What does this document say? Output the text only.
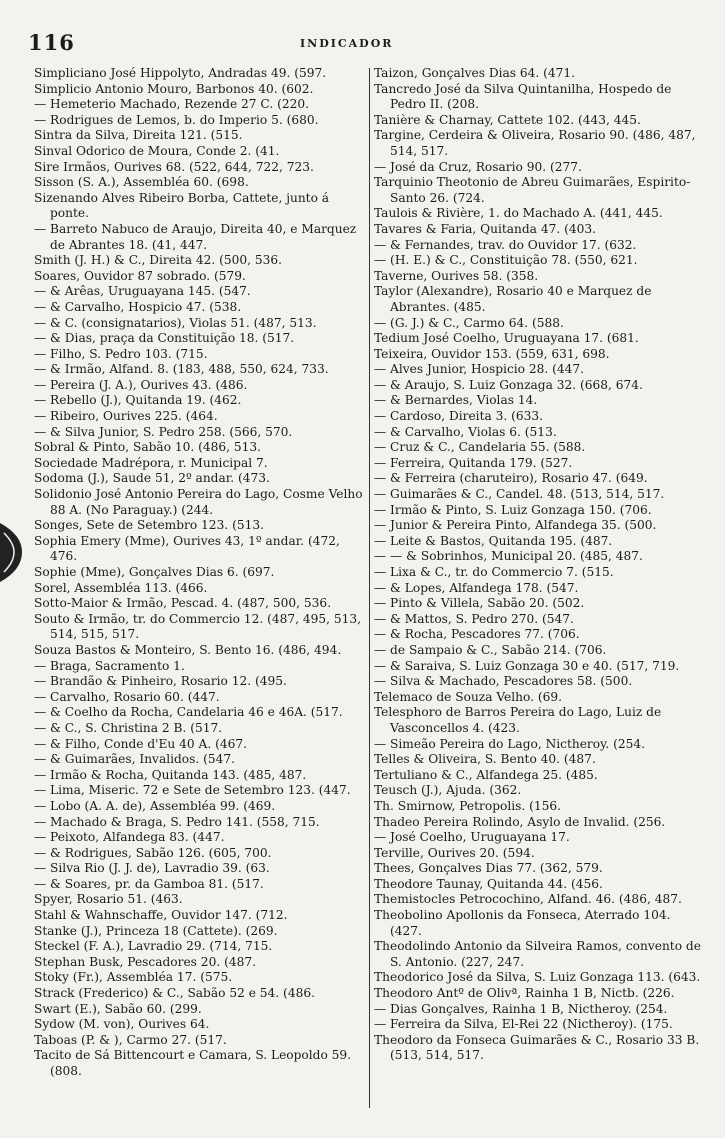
116	INDICADOR
Simpliciano José Hippolyto, Andradas 49. (597.
Simplicio Antonio Mouro, Barbonos 40. (602.
— Hemeterio Machado, Rezende 27 C. (220.
— Rodrigues de Lemos, b. do Imperio 5. (680.
Sintra da Silva, Direita 121. (515.
Sinval Odorico de Moura, Conde 2. (41.
Sire Irmãos, Ourives 68. (522, 644, 722, 723.
Sisson (S. A.), Assembléa 60. (698.
Sizenando Alves Ribeiro Borba, Cattete, junto á ponte.
— Barreto Nabuco de Araujo, Direita 40, e Marquez de Abrantes 18. (41, 447.
Smith (J. H.) & C., Direita 42. (500, 536.
Soares, Ouvidor 87 sobrado. (579.
— & Arêas, Uruguayana 145. (547.
— & Carvalho, Hospicio 47. (538.
— & C. (consignatarios), Violas 51. (487, 513.
— & Dias, praça da Constituição 18. (517.
— Filho, S. Pedro 103. (715.
— & Irmão, Alfand. 8. (183, 488, 550, 624, 733.
— Pereira (J. A.), Ourives 43. (486.
— Rebello (J.), Quitanda 19. (462.
— Ribeiro, Ourives 225. (464.
— & Silva Junior, S. Pedro 258. (566, 570.
Sobral & Pinto, Sabão 10. (486, 513.
Sociedade Madrépora, r. Municipal 7.
Sodoma (J.), Saude 51, 2º andar. (473.
Solidonio José Antonio Pereira do Lago, Cosme Velho 88 A. (No Paraguay.) (244.
Songes, Sete de Setembro 123. (513.
Sophia Emery (Mme), Ourives 43, 1º andar. (472, 476.
Sophie (Mme), Gonçalves Dias 6. (697.
Sorel, Assembléa 113. (466.
Sotto-Maior & Irmão, Pescad. 4. (487, 500, 536.
Souto & Irmão, tr. do Commercio 12. (487, 495, 513, 514, 515, 517.
Souza Bastos & Monteiro, S. Bento 16. (486, 494.
— Braga, Sacramento 1.
— Brandão & Pinheiro, Rosario 12. (495.
— Carvalho, Rosario 60. (447.
— & Coelho da Rocha, Candelaria 46 e 46A. (517.
— & C., S. Christina 2 B. (517.
— & Filho, Conde d'Eu 40 A. (467.
— & Guimarães, Invalidos. (547.
— Irmão & Rocha, Quitanda 143. (485, 487.
— Lima, Miseric. 72 e Sete de Setembro 123. (447.
— Lobo (A. A. de), Assembléa 99. (469.
— Machado & Braga, S. Pedro 141. (558, 715.
— Peixoto, Alfandega 83. (447.
— & Rodrigues, Sabão 126. (605, 700.
— Silva Rio (J. J. de), Lavradio 39. (63.
— & Soares, pr. da Gamboa 81. (517.
Spyer, Rosario 51. (463.
Stahl & Wahnschaffe, Ouvidor 147. (712.
Stanke (J.), Princeza 18 (Cattete). (269.
Steckel (F. A.), Lavradio 29. (714, 715.
Stephan Busk, Pescadores 20. (487.
Stoky (Fr.), Assembléa 17. (575.
Strack (Frederico) & C., Sabão 52 e 54. (486.
Swart (E.), Sabão 60. (299.
Sydow (M. von), Ourives 64.
Taboas (P. & ), Carmo 27. (517.
Tacito de Sá Bittencourt e Camara, S. Leopoldo 59. (808.
Taizon, Gonçalves Dias 64. (471.
Tancredo José da Silva Quintanilha, Hospedo de Pedro II. (208.
Tanière & Charnay, Cattete 102. (443, 445.
Targine, Cerdeira & Oliveira, Rosario 90. (486, 487, 514, 517.
— José da Cruz, Rosario 90. (277.
Tarquinio Theotonio de Abreu Guimarães, Espirito-Santo 26. (724.
Taulois & Rivière, 1. do Machado A. (441, 445.
Tavares & Faria, Quitanda 47. (403.
— & Fernandes, trav. do Ouvidor 17. (632.
— (H. E.) & C., Constituição 78. (550, 621.
Taverne, Ourives 58. (358.
Taylor (Alexandre), Rosario 40 e Marquez de Abrantes. (485.
— (G. J.) & C., Carmo 64. (588.
Tedium José Coelho, Uruguayana 17. (681.
Teixeira, Ouvidor 153. (559, 631, 698.
— Alves Junior, Hospicio 28. (447.
— & Araujo, S. Luiz Gonzaga 32. (668, 674.
— & Bernardes, Violas 14.
— Cardoso, Direita 3. (633.
— & Carvalho, Violas 6. (513.
— Cruz & C., Candelaria 55. (588.
— Ferreira, Quitanda 179. (527.
— & Ferreira (charuteiro), Rosario 47. (649.
— Guimarães & C., Candel. 48. (513, 514, 517.
— Irmão & Pinto, S. Luiz Gonzaga 150. (706.
— Junior & Pereira Pinto, Alfandega 35. (500.
— Leite & Bastos, Quitanda 195. (487.
— — & Sobrinhos, Municipal 20. (485, 487.
— Lixa & C., tr. do Commercio 7. (515.
— & Lopes, Alfandega 178. (547.
— Pinto & Villela, Sabão 20. (502.
— & Mattos, S. Pedro 270. (547.
— & Rocha, Pescadores 77. (706.
— de Sampaio & C., Sabão 214. (706.
— & Saraiva, S. Luiz Gonzaga 30 e 40. (517, 719.
— Silva & Machado, Pescadores 58. (500.
Telemaco de Souza Velho. (69.
Telesphoro de Barros Pereira do Lago, Luiz de Vasconcellos 4. (423.
— Simeão Pereira do Lago, Nictheroy. (254.
Telles & Oliveira, S. Bento 40. (487.
Tertuliano & C., Alfandega 25. (485.
Teusch (J.), Ajuda. (362.
Th. Smirnow, Petropolis. (156.
Thadeo Pereira Rolindo, Asylo de Invalid. (256.
— José Coelho, Uruguayana 17.
Terville, Ourives 20. (594.
Thees, Gonçalves Dias 77. (362, 579.
Theodore Taunay, Quitanda 44. (456.
Themistocles Petrocochino, Alfand. 46. (486, 487.
Theobolino Apollonis da Fonseca, Aterrado 104. (427.
Theodolindo Antonio da Silveira Ramos, convento de S. Antonio. (227, 247.
Theodorico José da Silva, S. Luiz Gonzaga 113. (643.
Theodoro Antº de Olivª, Rainha 1 B, Nictb. (226.
— Dias Gonçalves, Rainha 1 B, Nictheroy. (254.
— Ferreira da Silva, El-Rei 22 (Nictheroy). (175.
Theodoro da Fonseca Guimarães & C., Rosario 33 B. (513, 514, 517.
